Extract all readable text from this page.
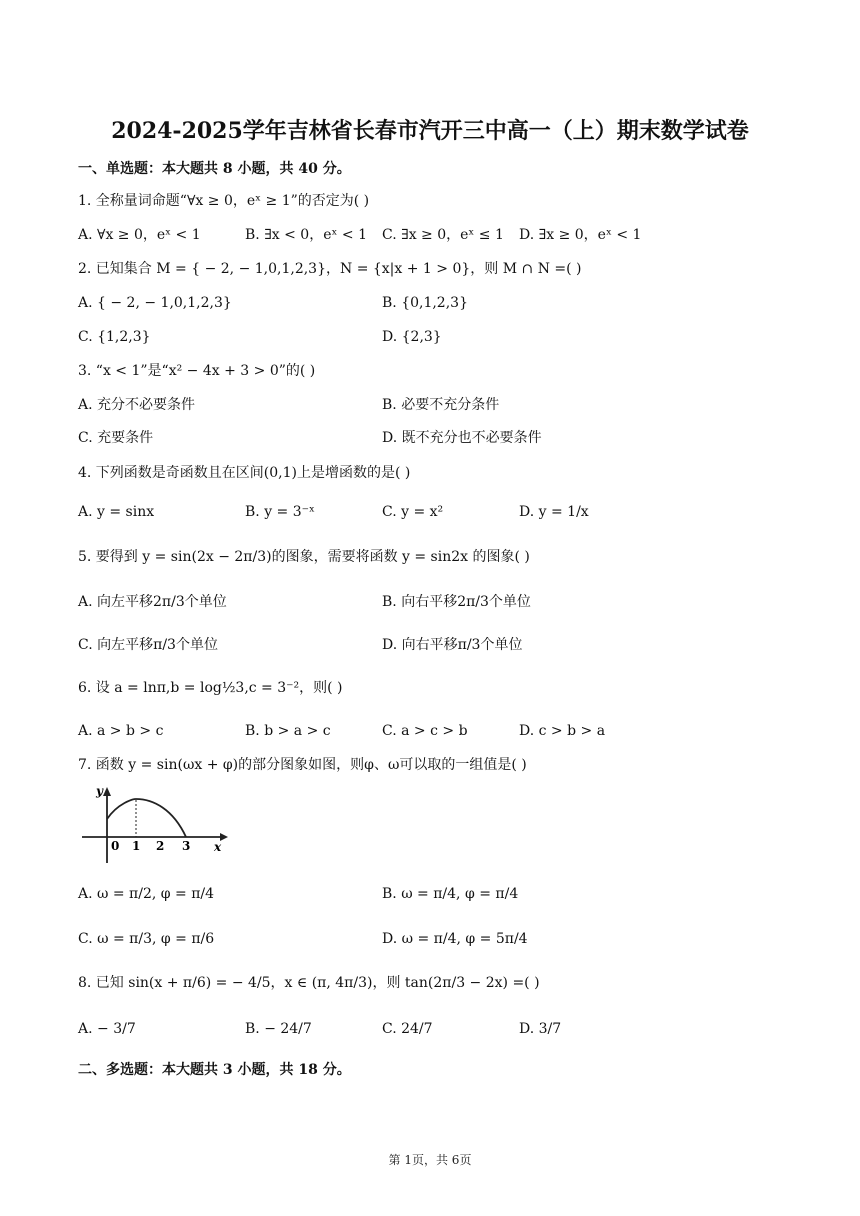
2024-2025学年吉林省长春市汽开三中高一（上）期末数学试卷
一、单选题：本大题共 8 小题，共 40 分。
1. 全称量词命题“∀x ≥ 0，eˣ ≥ 1”的否定为( )
A. ∀x ≥ 0，eˣ < 1	B. ∃x < 0，eˣ < 1 C. ∃x ≥ 0，eˣ ≤ 1 D. ∃x ≥ 0，eˣ < 1
2. 已知集合 M = { − 2, − 1,0,1,2,3}，N = {x|x + 1 > 0}，则 M ∩ N =( )
A. { − 2, − 1,0,1,2,3}	B. {0,1,2,3}
C. {1,2,3}	D. {2,3}
3. “x < 1”是“x² − 4x + 3 > 0”的( )
A. 充分不必要条件	B. 必要不充分条件
C. 充要条件	D. 既不充分也不必要条件
4. 下列函数是奇函数且在区间(0,1)上是增函数的是( )
A. y = sinx	B. y = 3⁻ˣ	C. y = x²	D. y = 1/x
5. 要得到 y = sin(2x − 2π/3)的图象，需要将函数 y = sin2x 的图象( )
A. 向左平移2π/3个单位	B. 向右平移2π/3个单位
C. 向左平移π/3个单位	D. 向右平移π/3个单位
6. 设 a = lnπ,b = log½3,c = 3⁻²，则( )
A. a > b > c	B. b > a > c	C. a > c > b	D. c > b > a
7. 函数 y = sin(ωx + φ)的部分图象如图，则φ、ω可以取的一组值是( )
y
0 1 2 3 x
A. ω = π/2, φ = π/4	B. ω = π/4, φ = π/4
C. ω = π/3, φ = π/6	D. ω = π/4, φ = 5π/4
8. 已知 sin(x + π/6) = − 4/5，x ∈ (π, 4π/3)，则 tan(2π/3 − 2x) =( )
A. − 3/7	B. − 24/7	C. 24/7	D. 3/7
二、多选题：本大题共 3 小题，共 18 分。
第 1页，共 6页
